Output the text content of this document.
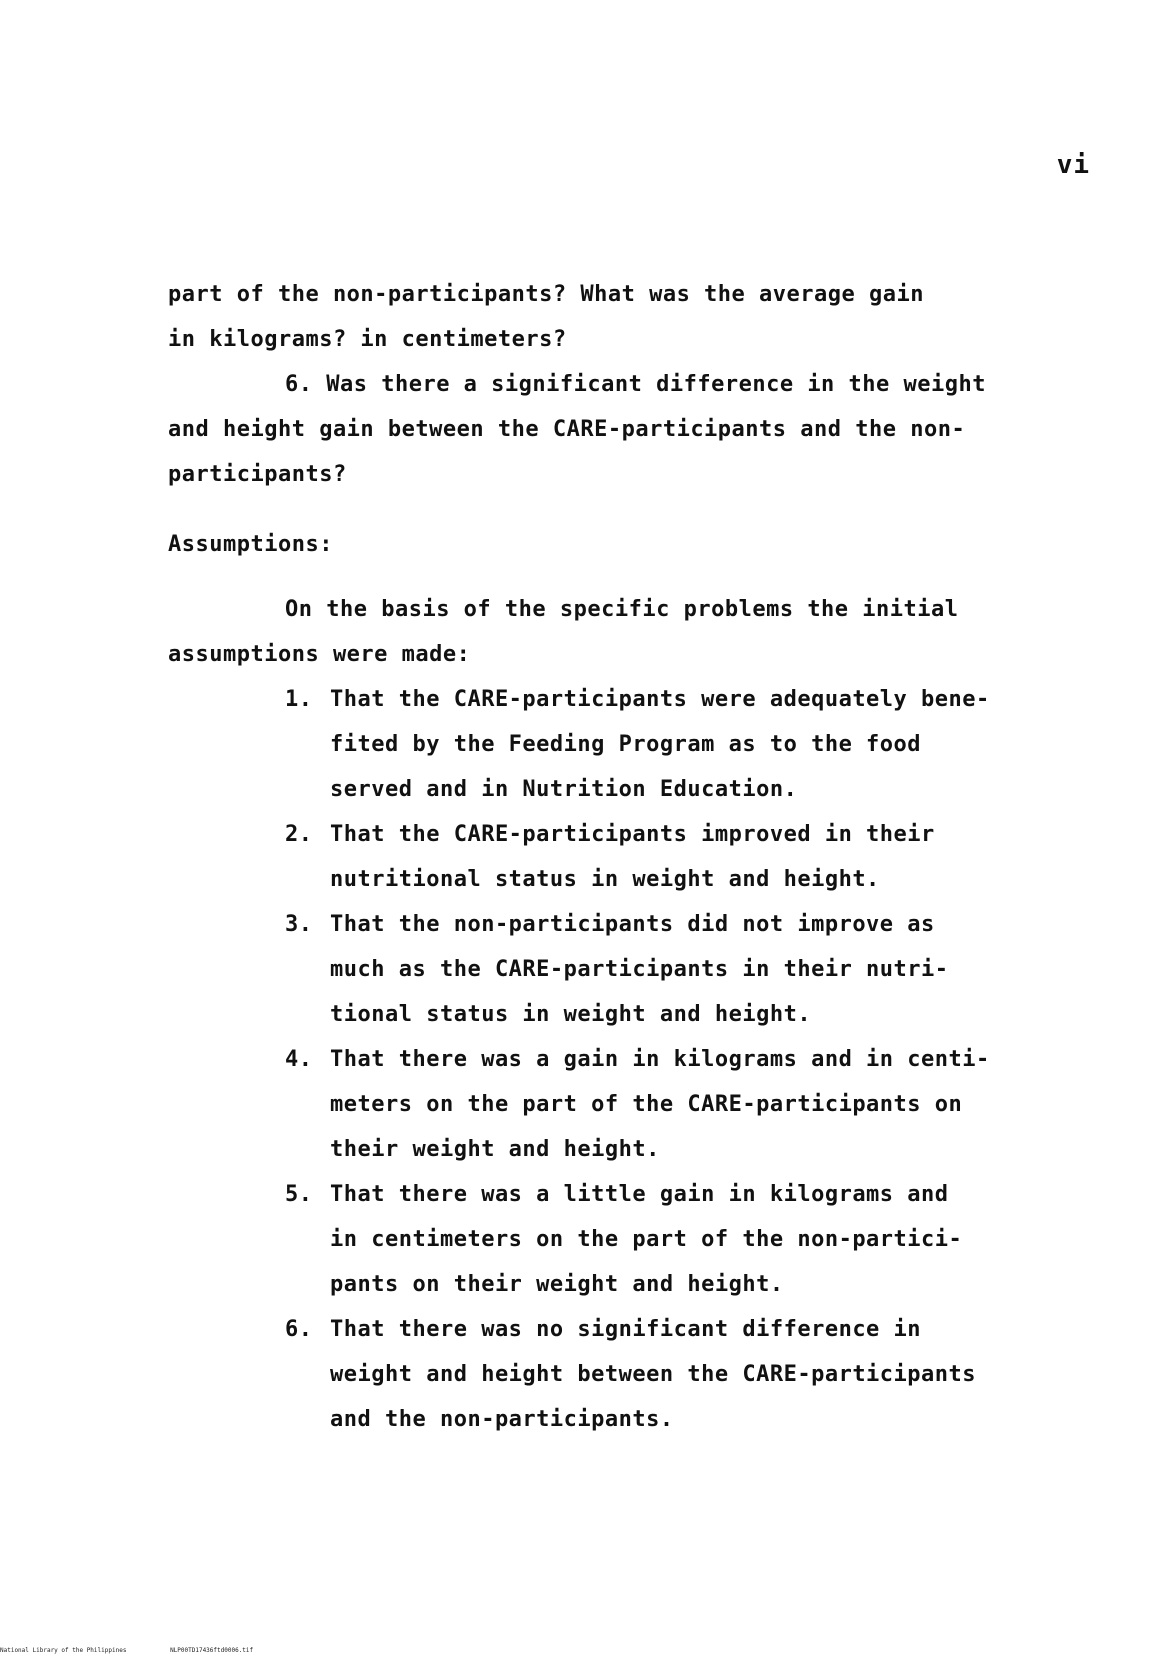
vi
part of the non-participants? What was the average gain
in kilograms? in centimeters?
6. Was there a significant difference in the weight
and height gain between the CARE-participants and the non-
participants?
Assumptions:
On the basis of the specific problems the initial
assumptions were made:
1. That the CARE-participants were adequately bene-
fited by the Feeding Program as to the food
served and in Nutrition Education.
2. That the CARE-participants improved in their
nutritional status in weight and height.
3. That the non-participants did not improve as
much as the CARE-participants in their nutri-
tional status in weight and height.
4. That there was a gain in kilograms and in centi-
meters on the part of the CARE-participants on
their weight and height.
5. That there was a little gain in kilograms and
in centimeters on the part of the non-partici-
pants on their weight and height.
6. That there was no significant difference in
weight and height between the CARE-participants
and the non-participants.
National Library of the Philippines	NLP00TD17436ftd0006.tif
